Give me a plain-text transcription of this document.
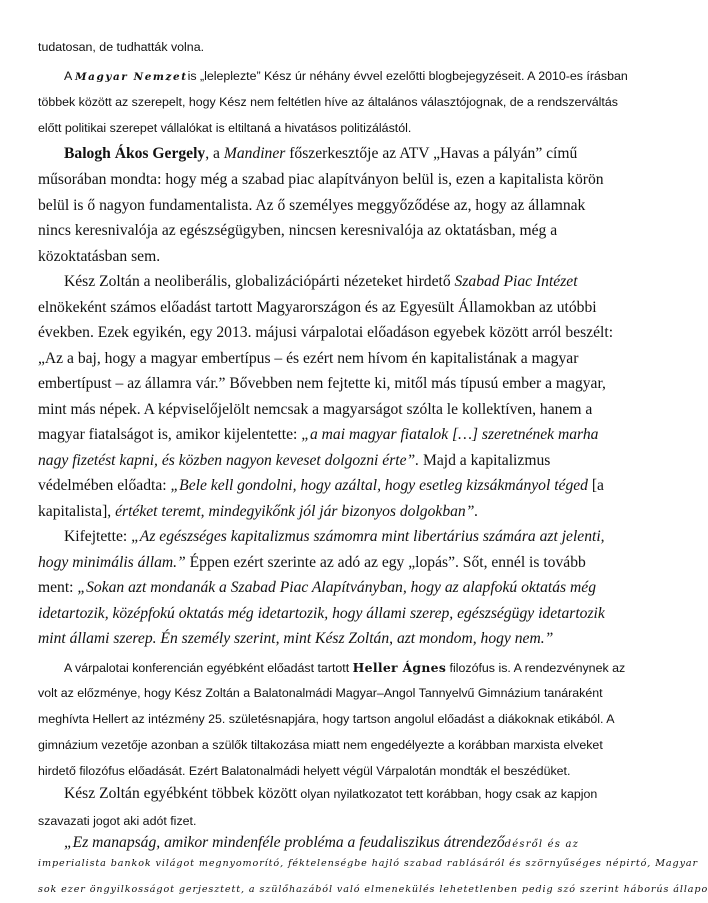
tudatosan, de tudhatták volna.
A Magyar Nemzetis „leleplezte” Kész úr néhány évvel ezelőtti blogbejegyzéseit. A 2010-es írásban
többek között az szerepelt, hogy Kész nem feltétlen híve az általános választójognak, de a rendszerváltás
előtt politikai szerepet vállalókat is eltiltaná a hivatásos politizálástól.
Balogh Ákos Gergely, a Mandiner főszerkesztője az ATV „Havas a pályán” című
műsorában mondta: hogy még a szabad piac alapítványon belül is, ezen a kapitalista körön
belül is ő nagyon fundamentalista. Az ő személyes meggyőződése az, hogy az államnak
nincs keresnivalója az egészségügyben, nincsen keresnivalója az oktatásban, még a
közoktatásban sem.
Kész Zoltán a neoliberális, globalizációpárti nézeteket hirdető Szabad Piac Intézet
elnökeként számos előadást tartott Magyarországon és az Egyesült Államokban az utóbbi
években. Ezek egyikén, egy 2013. májusi várpalotai előadáson egyebek között arról beszélt:
„Az a baj, hogy a magyar embertípus – és ezért nem hívom én kapitalistának a magyar
embertípust – az államra vár.” Bővebben nem fejtette ki, mitől más típusú ember a magyar,
mint más népek. A képviselőjelölt nemcsak a magyarságot szólta le kollektíven, hanem a
magyar fiatalságot is, amikor kijelentette: „a mai magyar fiatalok […] szeretnének marha
nagy fizetést kapni, és közben nagyon keveset dolgozni érte”. Majd a kapitalizmus
védelmében előadta: „Bele kell gondolni, hogy azáltal, hogy esetleg kizsákmányol téged [a
kapitalista], értéket teremt, mindegyikőnk jól jár bizonyos dolgokban”.
Kifejtette: „Az egészséges kapitalizmus számomra mint libertárius számára azt jelenti,
hogy minimális állam.” Éppen ezért szerinte az adó az egy „lopás”. Sőt, ennél is tovább
ment: „Sokan azt mondanák a Szabad Piac Alapítványban, hogy az alapfokú oktatás még
idetartozik, középfokú oktatás még idetartozik, hogy állami szerep, egészségügy idetartozik
mint állami szerep. Én személy szerint, mint Kész Zoltán, azt mondom, hogy nem.”
A várpalotai konferencián egyébként előadást tartott Heller Ágnes filozófus is. A rendezvénynek az
volt az előzménye, hogy Kész Zoltán a Balatonalmádi Magyar–Angol Tannyelvű Gimnázium tanáraként
meghívta Hellert az intézmény 25. születésnapjára, hogy tartson angolul előadást a diákoknak etikából. A
gimnázium vezetője azonban a szülők tiltakozása miatt nem engedélyezte a korábban marxista elveket
hirdető filozófus előadását. Ezért Balatonalmádi helyett végül Várpalotán mondták el beszédüket.
Kész Zoltán egyébként többek között olyan nyilatkozatot tett korábban, hogy csak az kapjon
szavazati jogot aki adót fizet.
„Ez manapság, amikor mindenféle probléma a feudaliszikus átrendeződésről és az
imperialista bankok világot megnyomorító, féktelenségbe hajló szabad rablásáról és szörnyűséges népirtó, Magyar
sok ezer öngyilkosságot gerjesztett, a szülőhazából való elmenekülés lehetetlenben pedig szó szerint háborús állapo
